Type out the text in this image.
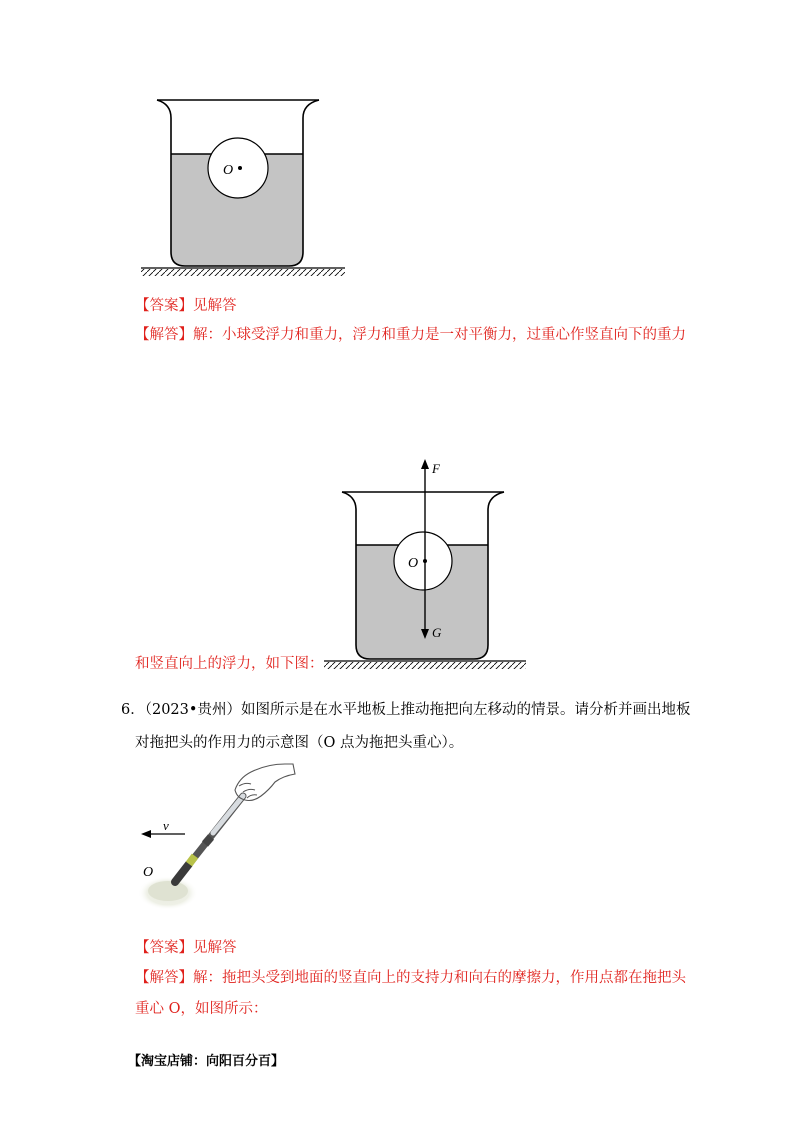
O
【答案】见解答
【解答】解：小球受浮力和重力，浮力和重力是一对平衡力，过重心作竖直向下的重力
O
F
G
和竖直向上的浮力，如下图：
6．（2023•贵州）如图所示是在水平地板上推动拖把向左移动的情景。请分析并画出地板
对拖把头的作用力的示意图（O 点为拖把头重心）。
v
O
【答案】见解答
【解答】解：拖把头受到地面的竖直向上的支持力和向右的摩擦力，作用点都在拖把头
重心 O，如图所示：
【淘宝店铺：向阳百分百】
